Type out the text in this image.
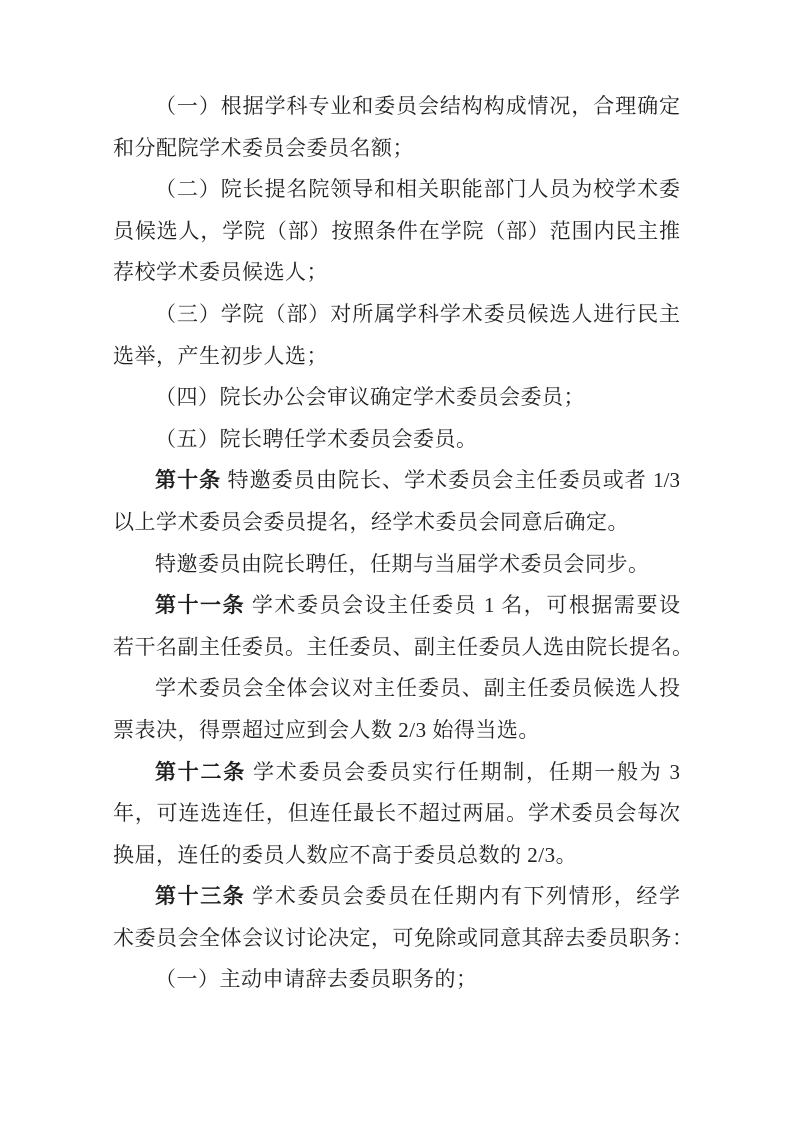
（一）根据学科专业和委员会结构构成情况，合理确定
和分配院学术委员会委员名额；
（二）院长提名院领导和相关职能部门人员为校学术委
员候选人，学院（部）按照条件在学院（部）范围内民主推
荐校学术委员候选人；
（三）学院（部）对所属学科学术委员候选人进行民主
选举，产生初步人选；
（四）院长办公会审议确定学术委员会委员；
（五）院长聘任学术委员会委员。
第十条 特邀委员由院长、学术委员会主任委员或者 1/3
以上学术委员会委员提名，经学术委员会同意后确定。
特邀委员由院长聘任，任期与当届学术委员会同步。
第十一条 学术委员会设主任委员 1 名，可根据需要设
若干名副主任委员。主任委员、副主任委员人选由院长提名。
学术委员会全体会议对主任委员、副主任委员候选人投
票表决，得票超过应到会人数 2/3 始得当选。
第十二条 学术委员会委员实行任期制，任期一般为 3
年，可连选连任，但连任最长不超过两届。学术委员会每次
换届，连任的委员人数应不高于委员总数的 2/3。
第十三条 学术委员会委员在任期内有下列情形，经学
术委员会全体会议讨论决定，可免除或同意其辞去委员职务：
（一）主动申请辞去委员职务的；
